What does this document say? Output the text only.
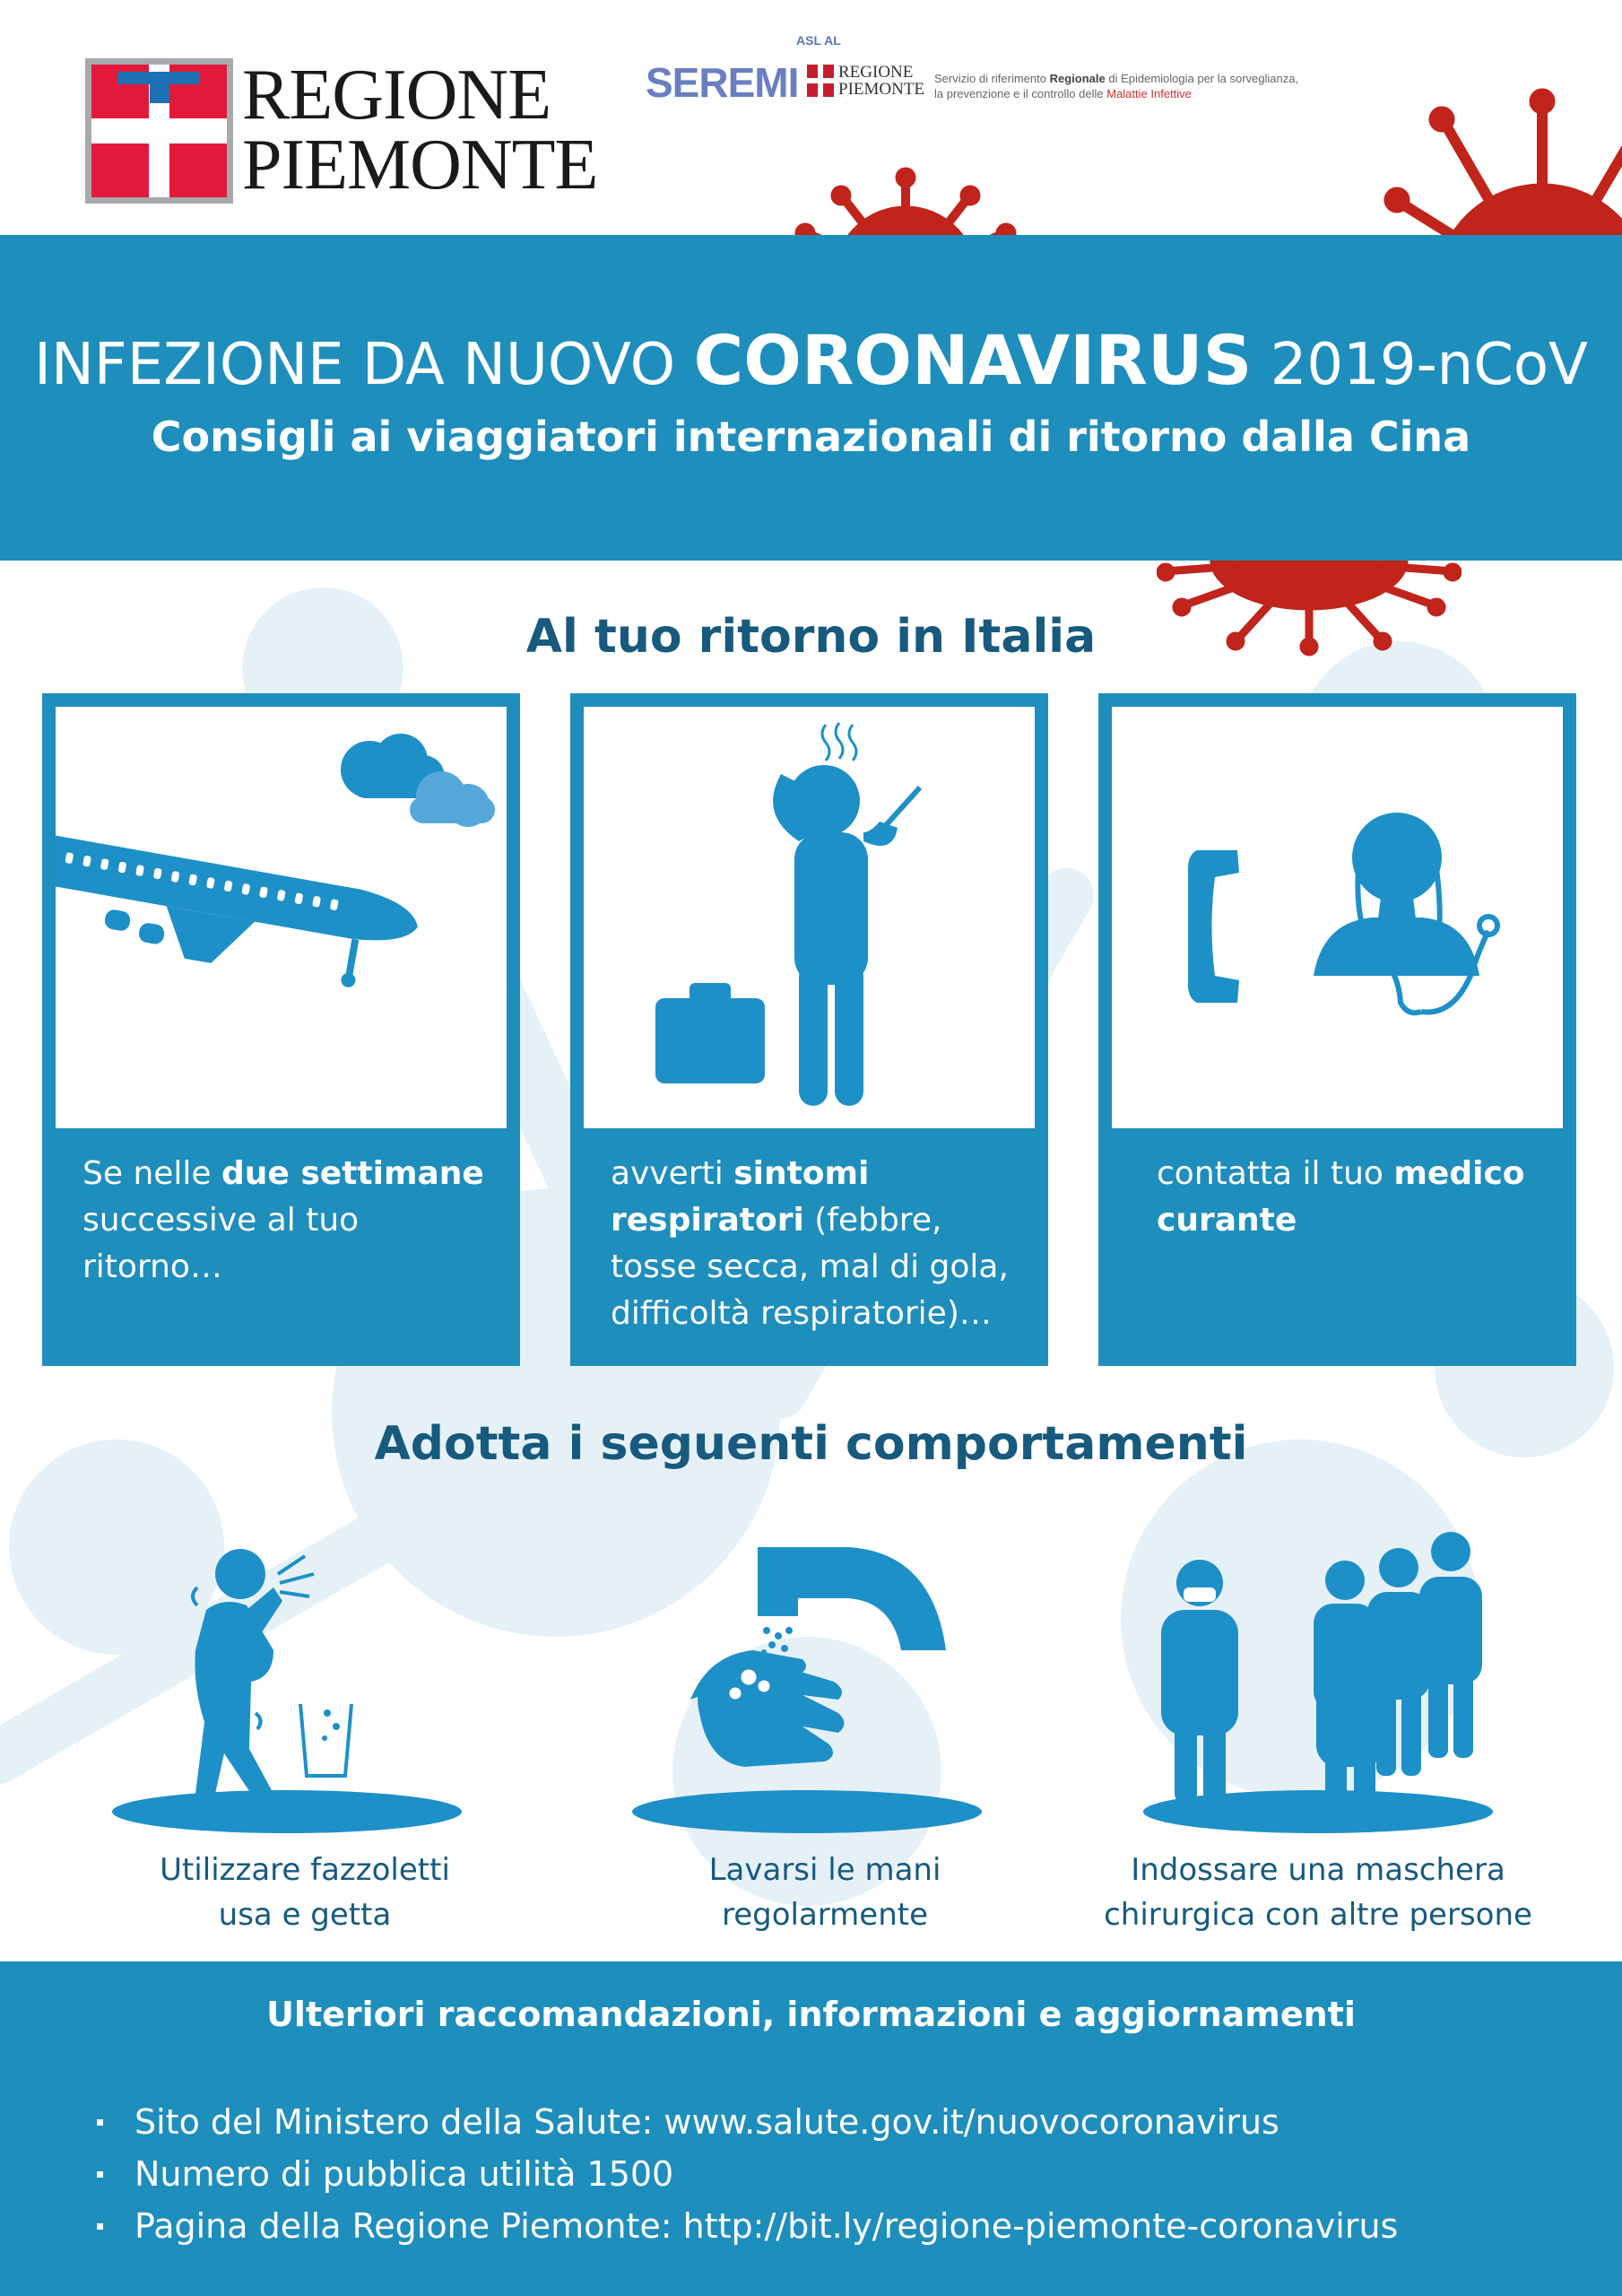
REGIONE
PIEMONTE
ASL AL
SEREMI REGIONE
PIEMONTE
Servizio di riferimento Regionale di Epidemiologia per la sorveglianza,
la prevenzione e il controllo delle Malattie Infettive
INFEZIONE DA NUOVO CORONAVIRUS 2019-nCoV
Consigli ai viaggiatori internazionali di ritorno dalla Cina
Al tuo ritorno in Italia
Se nelle due settimane successive al tuo ritorno…
avverti sintomi respiratori (febbre, tosse secca, mal di gola, difficoltà respiratorie)…
contatta il tuo medico curante
Adotta i seguenti comportamenti
Utilizzare fazzoletti
usa e getta
Lavarsi le mani
regolarmente
Indossare una maschera
chirurgica con altre persone
Ulteriori raccomandazioni, informazioni e aggiornamenti
Sito del Ministero della Salute: www.salute.gov.it/nuovocoronavirus
Numero di pubblica utilità 1500
Pagina della Regione Piemonte: http://bit.ly/regione-piemonte-coronavirus
